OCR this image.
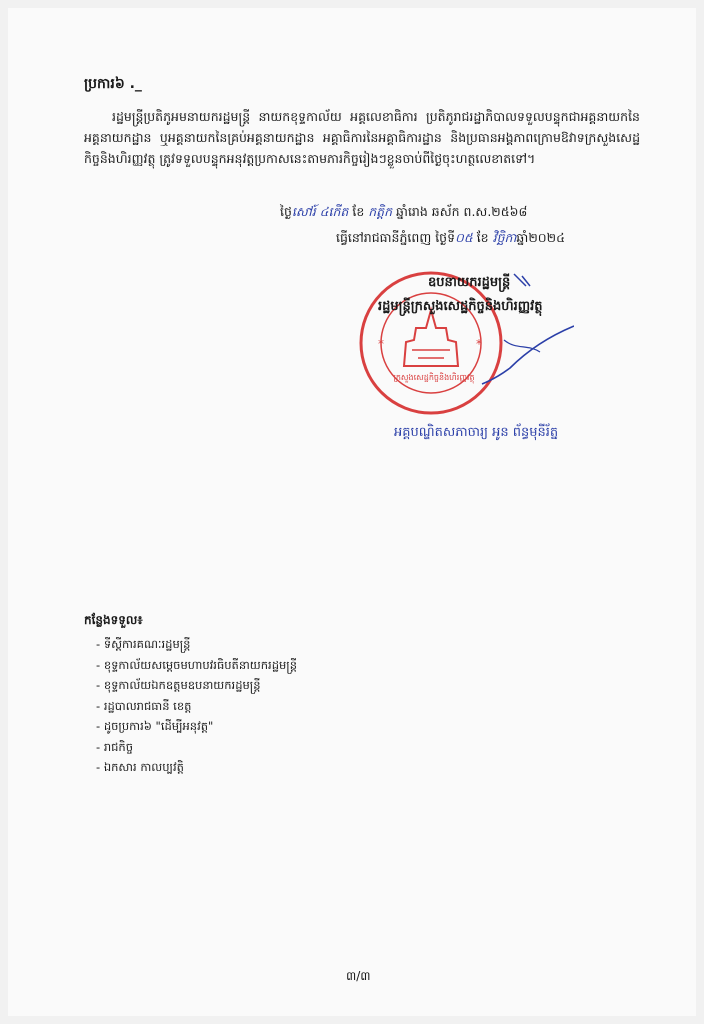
ប្រការ៦ ._
រដ្ឋមន្ត្រីប្រតិភូអមនាយករដ្ឋមន្ត្រី នាយកខុទ្ទកាល័យ អគ្គលេខាធិការ ប្រតិភូរាជរដ្ឋាភិបាលទទួលបន្ទុកជាអគ្គនាយកនៃអគ្គនាយកដ្ឋាន ឬអគ្គនាយកនៃគ្រប់អគ្គនាយកដ្ឋាន អគ្គាធិការនៃអគ្គាធិការដ្ឋាន និងប្រធានអង្គភាពក្រោមឱវាទក្រសួងសេដ្ឋកិច្ចនិងហិរញ្ញវត្ថុ ត្រូវទទួលបន្ទុកអនុវត្តប្រកាសនេះតាមភារកិច្ចរៀងៗខ្លួនចាប់ពីថ្ងៃចុះហត្ថលេខាតទៅ។
ថ្ងៃសៅរ៍ ៤កើត ខែ កត្ដិក ឆ្នាំរោង ឆស័ក ព.ស.២៥៦៨
ធ្វើនៅរាជធានីភ្នំពេញ ថ្ងៃទី០៥ ខែ វិច្ឆិកាឆ្នាំ២០២៤
*	*
ក្រសួងសេដ្ឋកិច្ចនិងហិរញ្ញវត្ថុ
ឧបនាយករដ្ឋមន្ត្រី
រដ្ឋមន្ត្រីក្រសួងសេដ្ឋកិច្ចនិងហិរញ្ញវត្ថុ
អគ្គបណ្ឌិតសភាចារ្យ អូន ព័ន្ធមុនីរ័ត្ន
កន្លែងទទួល៖
- ទីស្តីការគណៈរដ្ឋមន្ត្រី
- ខុទ្ទកាល័យសម្តេចមហាបវរធិបតីនាយករដ្ឋមន្ត្រី
- ខុទ្ទកាល័យឯកឧត្តមឧបនាយករដ្ឋមន្ត្រី
- រដ្ឋបាលរាជធានី ខេត្ត
- ដូចប្រការ៦ "ដើម្បីអនុវត្ត"
- រាជកិច្ច
- ឯកសារ កាលប្បវត្តិ
៣/៣
